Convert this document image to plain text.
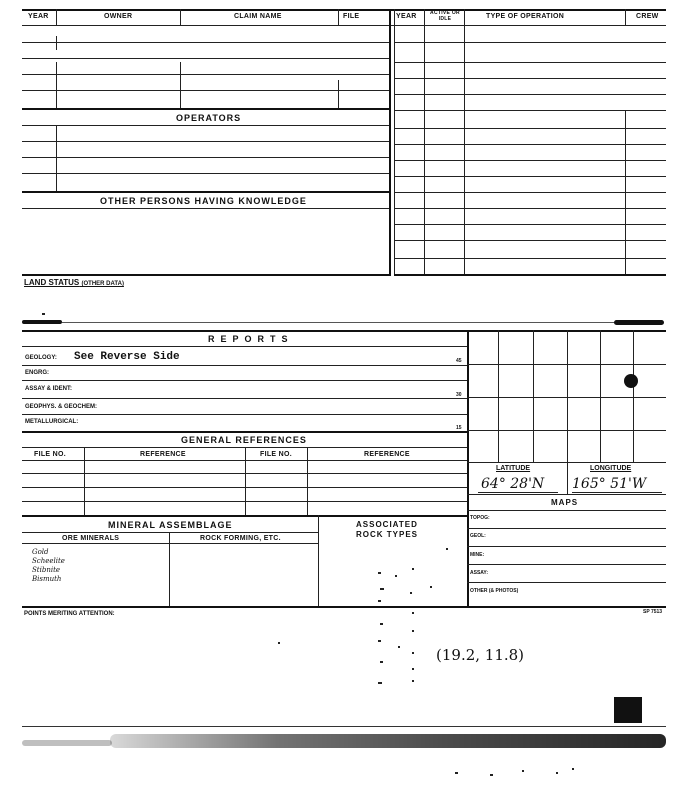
YEAR	OWNER	CLAIM NAME	FILE	YEAR	ACTIVE OR IDLE	TYPE OF OPERATION	CREW
OPERATORS
OTHER PERSONS HAVING KNOWLEDGE
LAND STATUS (OTHER DATA)
REPORTS
GEOLOGY: See Reverse Side	45
ENGRG:
ASSAY & IDENT:
30
GEOPHYS. & GEOCHEM:
METALLURGICAL:
15
GENERAL REFERENCES
FILE NO.	REFERENCE	FILE NO.	REFERENCE
LATITUDE	LONGITUDE
64° 28'N 165° 51'W
MAPS
TOPOG:
GEOL:
MINE:
ASSAY:
OTHER (& PHOTOS)
SP 7513
MINERAL ASSEMBLAGE
ORE MINERALS	ROCK FORMING, ETC.
ASSOCIATED
ROCK TYPES
Gold
Scheelite
Stibnite
Bismuth
POINTS MERITING ATTENTION:
(19.2, 11.8)
